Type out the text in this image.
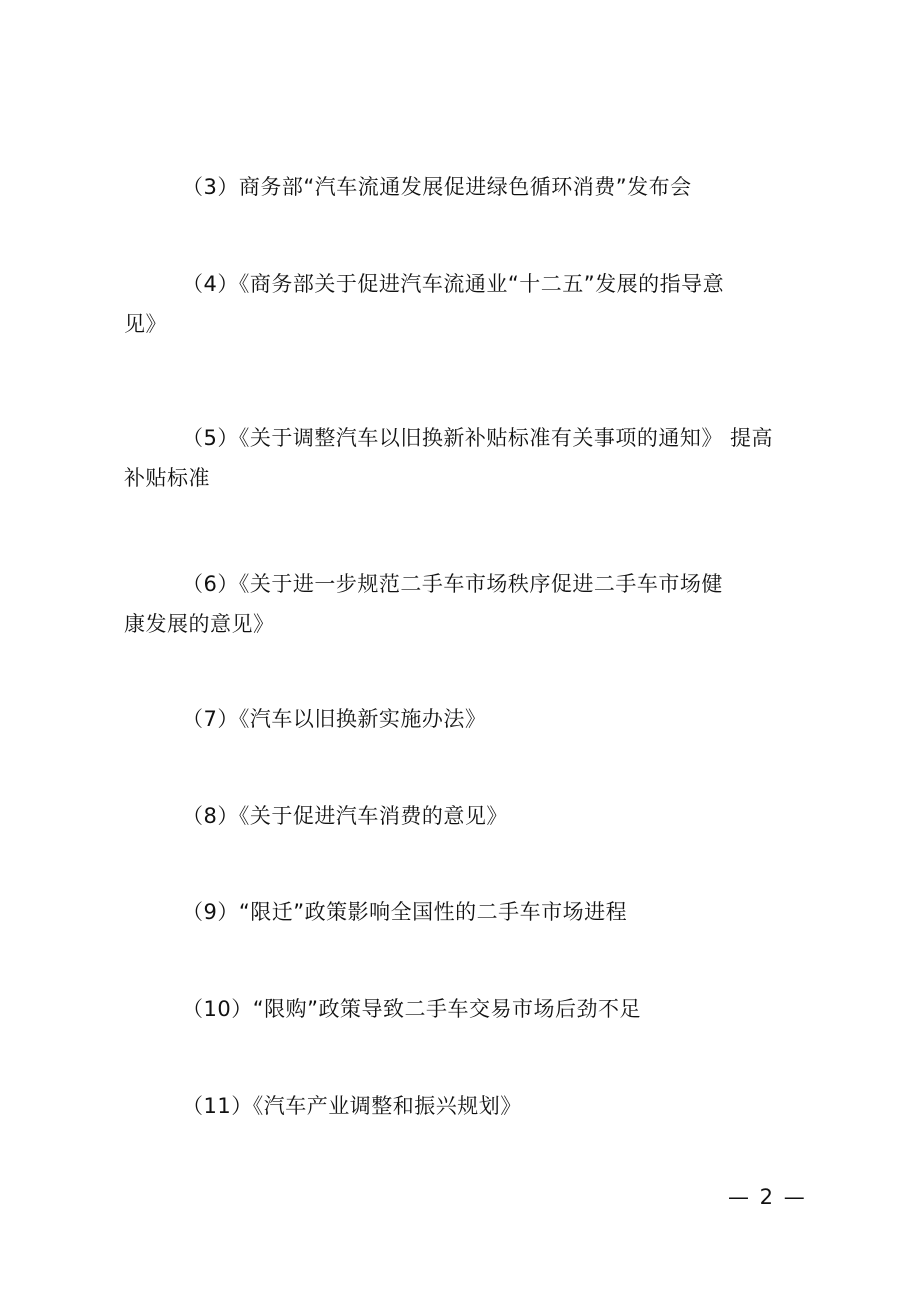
（3）商务部“汽车流通发展促进绿色循环消费”发布会
（4）《商务部关于促进汽车流通业“十二五”发展的指导意
见》
（5）《关于调整汽车以旧换新补贴标准有关事项的通知》 提高
补贴标准
（6）《关于进一步规范二手车市场秩序促进二手车市场健
康发展的意见》
（7）《汽车以旧换新实施办法》
（8）《关于促进汽车消费的意见》
（9）“限迁”政策影响全国性的二手车市场进程
（10）“限购”政策导致二手车交易市场后劲不足
（11）《汽车产业调整和振兴规划》
— 2 —
